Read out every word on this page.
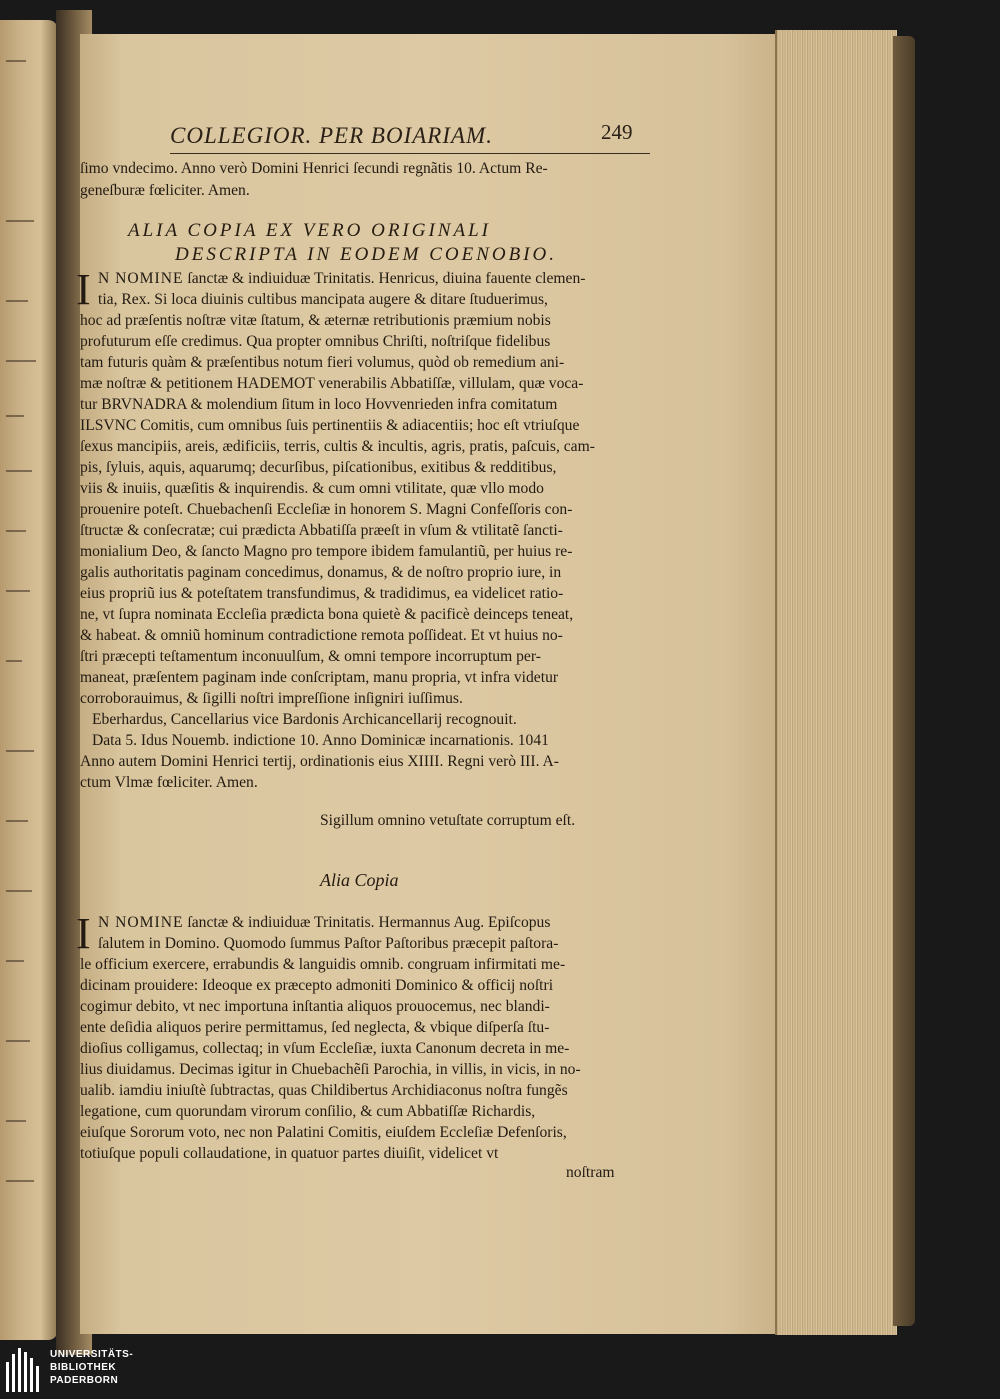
COLLEGIOR. PER BOIARIAM.	249
ſimo vndecimo. Anno verò Domini Henrici ſecundi regnãtis 10. Actum Re-
geneſburæ fœliciter. Amen.
ALIA COPIA EX VERO ORIGINALI
DESCRIPTA IN EODEM COENOBIO.
I N NOMINE ſanctæ & indiuiduæ Trinitatis. Henricus, diuina fauente clemen-
tia, Rex. Si loca diuinis cultibus mancipata augere & ditare ſtuduerimus,
hoc ad præſentis noſtræ vitæ ſtatum, & æternæ retributionis præmium nobis
profuturum eſſe credimus. Qua propter omnibus Chriſti, noſtriſque fidelibus
tam futuris quàm & præſentibus notum fieri volumus, quòd ob remedium ani-
mæ noſtræ & petitionem HADEMOT venerabilis Abbatiſſæ, villulam, quæ voca-
tur BRVNADRA & molendium ſitum in loco Hovvenrieden infra comitatum
ILSVNC Comitis, cum omnibus ſuis pertinentiis & adiacentiis; hoc eſt vtriuſque
ſexus mancipiis, areis, ædificiis, terris, cultis & incultis, agris, pratis, paſcuis, cam-
pis, ſyluis, aquis, aquarumq; decurſibus, piſcationibus, exitibus & redditibus,
viis & inuiis, quæſitis & inquirendis. & cum omni vtilitate, quæ vllo modo
prouenire poteſt. Chuebachenſi Eccleſiæ in honorem S. Magni Confeſſoris con-
ſtructæ & conſecratæ; cui prædicta Abbatiſſa præeſt in vſum & vtilitatẽ ſancti-
monialium Deo, & ſancto Magno pro tempore ibidem famulantiũ, per huius re-
galis authoritatis paginam concedimus, donamus, & de noſtro proprio iure, in
eius propriũ ius & poteſtatem transfundimus, & tradidimus, ea videlicet ratio-
ne, vt ſupra nominata Eccleſia prædicta bona quietè & pacificè deinceps teneat,
& habeat. & omniũ hominum contradictione remota poſſideat. Et vt huius no-
ſtri præcepti teſtamentum inconuulſum, & omni tempore incorruptum per-
maneat, præſentem paginam inde conſcriptam, manu propria, vt infra videtur
corroborauimus, & ſigilli noſtri impreſſione inſigniri iuſſimus.
Eberhardus, Cancellarius vice Bardonis Archicancellarij recognouit.
Data 5. Idus Nouemb. indictione 10. Anno Dominicæ incarnationis. 1041
Anno autem Domini Henrici tertij, ordinationis eius XIIII. Regni verò III. A-
ctum Vlmæ fœliciter. Amen.
Sigillum omnino vetuſtate corruptum eſt.
Alia Copia
I N NOMINE ſanctæ & indiuiduæ Trinitatis. Hermannus Aug. Epiſcopus
ſalutem in Domino. Quomodo ſummus Paſtor Paſtoribus præcepit paſtora-
le officium exercere, errabundis & languidis omnib. congruam infirmitati me-
dicinam prouidere: Ideoque ex præcepto admoniti Dominico & officij noſtri
cogimur debito, vt nec importuna inſtantia aliquos prouocemus, nec blandi-
ente deſidia aliquos perire permittamus, ſed neglecta, & vbique diſperſa ſtu-
dioſius colligamus, collectaq; in vſum Eccleſiæ, iuxta Canonum decreta in me-
lius diuidamus. Decimas igitur in Chuebachẽſi Parochia, in villis, in vicis, in no-
ualib. iamdiu iniuſtè ſubtractas, quas Childibertus Archidiaconus noſtra fungẽs
legatione, cum quorundam virorum conſilio, & cum Abbatiſſæ Richardis,
eiuſque Sororum voto, nec non Palatini Comitis, eiuſdem Eccleſiæ Defenſoris,
totiuſque populi collaudatione, in quatuor partes diuiſit, videlicet vt
noſtram
UNIVERSITÄTS-
BIBLIOTHEK
PADERBORN
